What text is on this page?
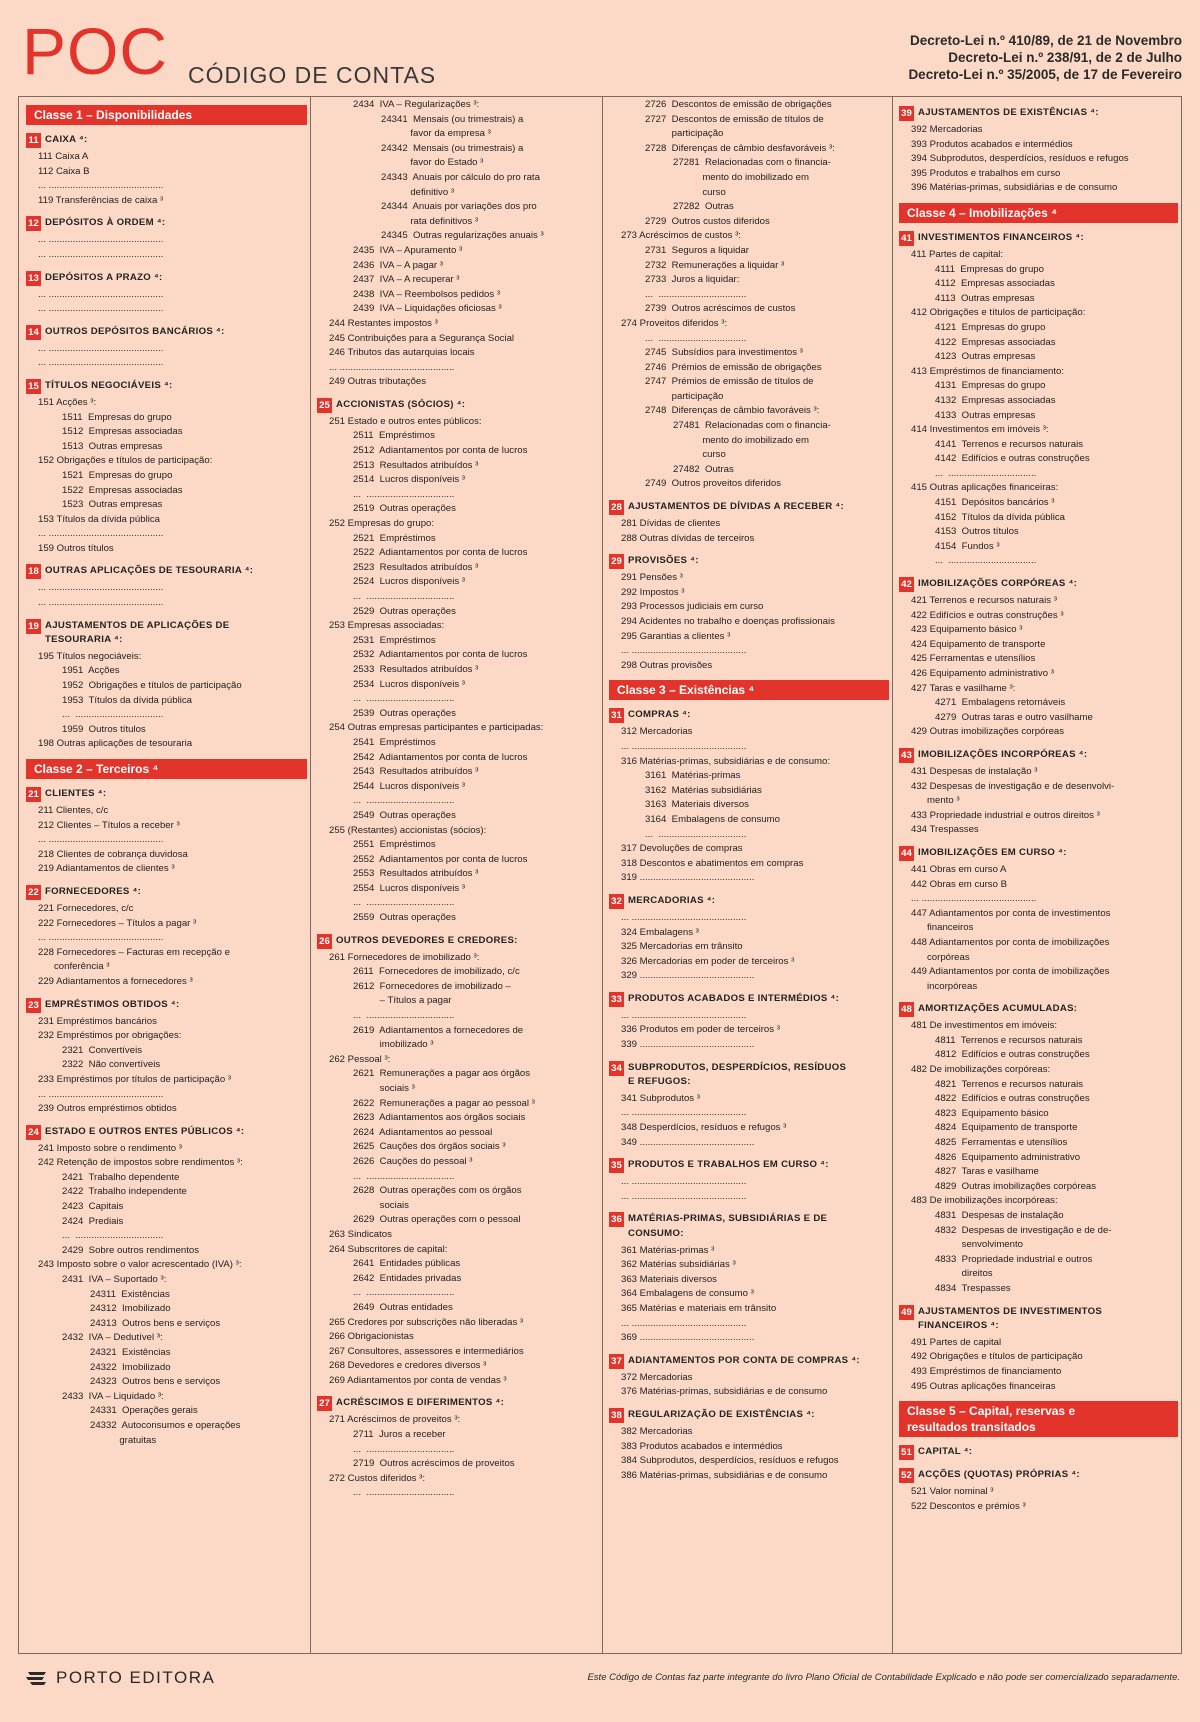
POC CÓDIGO DE CONTAS
Decreto-Lei n.º 410/89, de 21 de Novembro
Decreto-Lei n.º 238/91, de 2 de Julho
Decreto-Lei n.º 35/2005, de 17 de Fevereiro
Classe 1 – Disponibilidades
11 CAIXA ⁴:
111 Caixa A
112 Caixa B
... ...........................................
119 Transferências de caixa ³
12 DEPÓSITOS À ORDEM ⁴:
... ...........................................
... ...........................................
13 DEPÓSITOS A PRAZO ⁴:
... ...........................................
... ...........................................
14 OUTROS DEPÓSITOS BANCÁRIOS ⁴:
... ...........................................
... ...........................................
15 TÍTULOS NEGOCIÁVEIS ⁴:
151 Acções ³:
1511  Empresas do grupo
1512  Empresas associadas
1513  Outras empresas
152 Obrigações e títulos de participação:
1521  Empresas do grupo
1522  Empresas associadas
1523  Outras empresas
153 Títulos da dívida pública
... ...........................................
159 Outros títulos
18 OUTRAS APLICAÇÕES DE TESOURARIA ⁴:
... ...........................................
... ...........................................
19 AJUSTAMENTOS DE APLICAÇÕES DE
TESOURARIA ⁴:
195 Títulos negociáveis:
1951  Acções
1952  Obrigações e títulos de participação
1953  Títulos da dívida pública
...  .................................
1959  Outros títulos
198 Outras aplicações de tesouraria
Classe 2 – Terceiros ⁴
21 CLIENTES ⁴:
211 Clientes, c/c
212 Clientes – Títulos a receber ³
... ...........................................
218 Clientes de cobrança duvidosa
219 Adiantamentos de clientes ³
22 FORNECEDORES ⁴:
221 Fornecedores, c/c
222 Fornecedores – Títulos a pagar ³
... ...........................................
228 Fornecedores – Facturas em recepção e
conferência ³
229 Adiantamentos a fornecedores ³
23 EMPRÉSTIMOS OBTIDOS ⁴:
231 Empréstimos bancários
232 Empréstimos por obrigações:
2321  Convertíveis
2322  Não convertíveis
233 Empréstimos por títulos de participação ³
... ...........................................
239 Outros empréstimos obtidos
24 ESTADO E OUTROS ENTES PÚBLICOS ⁴:
241 Imposto sobre o rendimento ³
242 Retenção de impostos sobre rendimentos ³:
2421  Trabalho dependente
2422  Trabalho independente
2423  Capitais
2424  Prediais
...  .................................
2429  Sobre outros rendimentos
243 Imposto sobre o valor acrescentado (IVA) ³:
2431  IVA – Suportado ³:
24311  Existências
24312  Imobilizado
24313  Outros bens e serviços
2432  IVA – Dedutível ³:
24321  Existências
24322  Imobilizado
24323  Outros bens e serviços
2433  IVA – Liquidado ³:
24331  Operações gerais
24332  Autoconsumos e operações
gratuitas
2434  IVA – Regularizações ³:
24341  Mensais (ou trimestrais) a
favor da empresa ³
24342  Mensais (ou trimestrais) a
favor do Estado ³
24343  Anuais por cálculo do pro rata
definitivo ³
24344  Anuais por variações dos pro
rata definitivos ³
24345  Outras regularizações anuais ³
2435  IVA – Apuramento ³
2436  IVA – A pagar ³
2437  IVA – A recuperar ³
2438  IVA – Reembolsos pedidos ³
2439  IVA – Liquidações oficiosas ³
244 Restantes impostos ³
245 Contribuições para a Segurança Social
246 Tributos das autarquias locais
... ...........................................
249 Outras tributações
25 ACCIONISTAS (SÓCIOS) ⁴:
251 Estado e outros entes públicos:
2511  Empréstimos
2512  Adiantamentos por conta de lucros
2513  Resultados atribuídos ³
2514  Lucros disponíveis ³
...  .................................
2519  Outras operações
252 Empresas do grupo:
2521  Empréstimos
2522  Adiantamentos por conta de lucros
2523  Resultados atribuídos ³
2524  Lucros disponíveis ³
...  .................................
2529  Outras operações
253 Empresas associadas:
2531  Empréstimos
2532  Adiantamentos por conta de lucros
2533  Resultados atribuídos ³
2534  Lucros disponíveis ³
...  .................................
2539  Outras operações
254 Outras empresas participantes e participadas:
2541  Empréstimos
2542  Adiantamentos por conta de lucros
2543  Resultados atribuídos ³
2544  Lucros disponíveis ³
...  .................................
2549  Outras operações
255 (Restantes) accionistas (sócios):
2551  Empréstimos
2552  Adiantamentos por conta de lucros
2553  Resultados atribuídos ³
2554  Lucros disponíveis ³
...  .................................
2559  Outras operações
26 OUTROS DEVEDORES E CREDORES:
261 Fornecedores de imobilizado ³:
2611  Fornecedores de imobilizado, c/c
2612  Fornecedores de imobilizado –
– Títulos a pagar
...  .................................
2619  Adiantamentos a fornecedores de
imobilizado ³
262 Pessoal ³:
2621  Remunerações a pagar aos órgãos
sociais ³
2622  Remunerações a pagar ao pessoal ³
2623  Adiantamentos aos órgãos sociais
2624  Adiantamentos ao pessoal
2625  Cauções dos órgãos sociais ³
2626  Cauções do pessoal ³
...  .................................
2628  Outras operações com os órgãos
sociais
2629  Outras operações com o pessoal
263 Sindicatos
264 Subscritores de capital:
2641  Entidades públicas
2642  Entidades privadas
...  .................................
2649  Outras entidades
265 Credores por subscrições não liberadas ³
266 Obrigacionistas
267 Consultores, assessores e intermediários
268 Devedores e credores diversos ³
269 Adiantamentos por conta de vendas ³
27 ACRÉSCIMOS E DIFERIMENTOS ⁴:
271 Acréscimos de proveitos ³:
2711  Juros a receber
...  .................................
2719  Outros acréscimos de proveitos
272 Custos diferidos ³:
...  .................................
2726  Descontos de emissão de obrigações
2727  Descontos de emissão de títulos de
participação
2728  Diferenças de câmbio desfavoráveis ³:
27281  Relacionadas com o financia-
mento do imobilizado em
curso
27282  Outras
2729  Outros custos diferidos
273 Acréscimos de custos ³:
2731  Seguros a liquidar
2732  Remunerações a liquidar ³
2733  Juros a liquidar:
...  .................................
2739  Outros acréscimos de custos
274 Proveitos diferidos ³:
...  .................................
2745  Subsídios para investimentos ³
2746  Prémios de emissão de obrigações
2747  Prémios de emissão de títulos de
participação
2748  Diferenças de câmbio favoráveis ³:
27481  Relacionadas com o financia-
mento do imobilizado em
curso
27482  Outras
2749  Outros proveitos diferidos
28 AJUSTAMENTOS DE DÍVIDAS A RECEBER ⁴:
281 Dívidas de clientes
288 Outras dívidas de terceiros
29 PROVISÕES ⁴:
291 Pensões ³
292 Impostos ³
293 Processos judiciais em curso
294 Acidentes no trabalho e doenças profissionais
295 Garantias a clientes ³
... ...........................................
298 Outras provisões
Classe 3 – Existências ⁴
31 COMPRAS ⁴:
312 Mercadorias
... ...........................................
316 Matérias-primas, subsidiárias e de consumo:
3161  Matérias-primas
3162  Matérias subsidiárias
3163  Materiais diversos
3164  Embalagens de consumo
...  .................................
317 Devoluções de compras
318 Descontos e abatimentos em compras
319 ...........................................
32 MERCADORIAS ⁴:
... ...........................................
324 Embalagens ³
325 Mercadorias em trânsito
326 Mercadorias em poder de terceiros ³
329 ...........................................
33 PRODUTOS ACABADOS E INTERMÉDIOS ⁴:
... ...........................................
336 Produtos em poder de terceiros ³
339 ...........................................
34 SUBPRODUTOS, DESPERDÍCIOS, RESÍDUOS
E REFUGOS:
341 Subprodutos ³
... ...........................................
348 Desperdícios, resíduos e refugos ³
349 ...........................................
35 PRODUTOS E TRABALHOS EM CURSO ⁴:
... ...........................................
... ...........................................
36 MATÉRIAS-PRIMAS, SUBSIDIÁRIAS E DE
CONSUMO:
361 Matérias-primas ³
362 Matérias subsidiárias ³
363 Materiais diversos
364 Embalagens de consumo ³
365 Matérias e materiais em trânsito
... ...........................................
369 ...........................................
37 ADIANTAMENTOS POR CONTA DE COMPRAS ⁴:
372 Mercadorias
376 Matérias-primas, subsidiárias e de consumo
38 REGULARIZAÇÃO DE EXISTÊNCIAS ⁴:
382 Mercadorias
383 Produtos acabados e intermédios
384 Subprodutos, desperdícios, resíduos e refugos
386 Matérias-primas, subsidiárias e de consumo
39 AJUSTAMENTOS DE EXISTÊNCIAS ⁴:
392 Mercadorias
393 Produtos acabados e intermédios
394 Subprodutos, desperdícios, resíduos e refugos
395 Produtos e trabalhos em curso
396 Matérias-primas, subsidiárias e de consumo
Classe 4 – Imobilizações ⁴
41 INVESTIMENTOS FINANCEIROS ⁴:
411 Partes de capital:
4111  Empresas do grupo
4112  Empresas associadas
4113  Outras empresas
412 Obrigações e títulos de participação:
4121  Empresas do grupo
4122  Empresas associadas
4123  Outras empresas
413 Empréstimos de financiamento:
4131  Empresas do grupo
4132  Empresas associadas
4133  Outras empresas
414 Investimentos em imóveis ³:
4141  Terrenos e recursos naturais
4142  Edifícios e outras construções
...  .................................
415 Outras aplicações financeiras:
4151  Depósitos bancários ³
4152  Títulos da dívida pública
4153  Outros títulos
4154  Fundos ³
...  .................................
42 IMOBILIZAÇÕES CORPÓREAS ⁴:
421 Terrenos e recursos naturais ³
422 Edifícios e outras construções ³
423 Equipamento básico ³
424 Equipamento de transporte
425 Ferramentas e utensílios
426 Equipamento administrativo ³
427 Taras e vasilhame ³:
4271  Embalagens retornáveis
4279  Outras taras e outro vasilhame
429 Outras imobilizações corpóreas
43 IMOBILIZAÇÕES INCORPÓREAS ⁴:
431 Despesas de instalação ³
432 Despesas de investigação e de desenvolvi-
mento ³
433 Propriedade industrial e outros direitos ³
434 Trespasses
44 IMOBILIZAÇÕES EM CURSO ⁴:
441 Obras em curso A
442 Obras em curso B
... ...........................................
447 Adiantamentos por conta de investimentos
financeiros
448 Adiantamentos por conta de imobilizações
corpóreas
449 Adiantamentos por conta de imobilizações
incorpóreas
48 AMORTIZAÇÕES ACUMULADAS:
481 De investimentos em imóveis:
4811  Terrenos e recursos naturais
4812  Edifícios e outras construções
482 De imobilizações corpóreas:
4821  Terrenos e recursos naturais
4822  Edifícios e outras construções
4823  Equipamento básico
4824  Equipamento de transporte
4825  Ferramentas e utensílios
4826  Equipamento administrativo
4827  Taras e vasilhame
4829  Outras imobilizações corpóreas
483 De imobilizações incorpóreas:
4831  Despesas de instalação
4832  Despesas de investigação e de de-
senvolvimento
4833  Propriedade industrial e outros
direitos
4834  Trespasses
49 AJUSTAMENTOS DE INVESTIMENTOS
FINANCEIROS ⁴:
491 Partes de capital
492 Obrigações e títulos de participação
493 Empréstimos de financiamento
495 Outras aplicações financeiras
Classe 5 – Capital, reservas e
resultados transitados
51 CAPITAL ⁴:
52 ACÇÕES (QUOTAS) PRÓPRIAS ⁴:
521 Valor nominal ³
522 Descontos e prémios ³
PORTO EDITORA	Este Código de Contas faz parte integrante do livro Plano Oficial de Contabilidade Explicado e não pode ser comercializado separadamente.
